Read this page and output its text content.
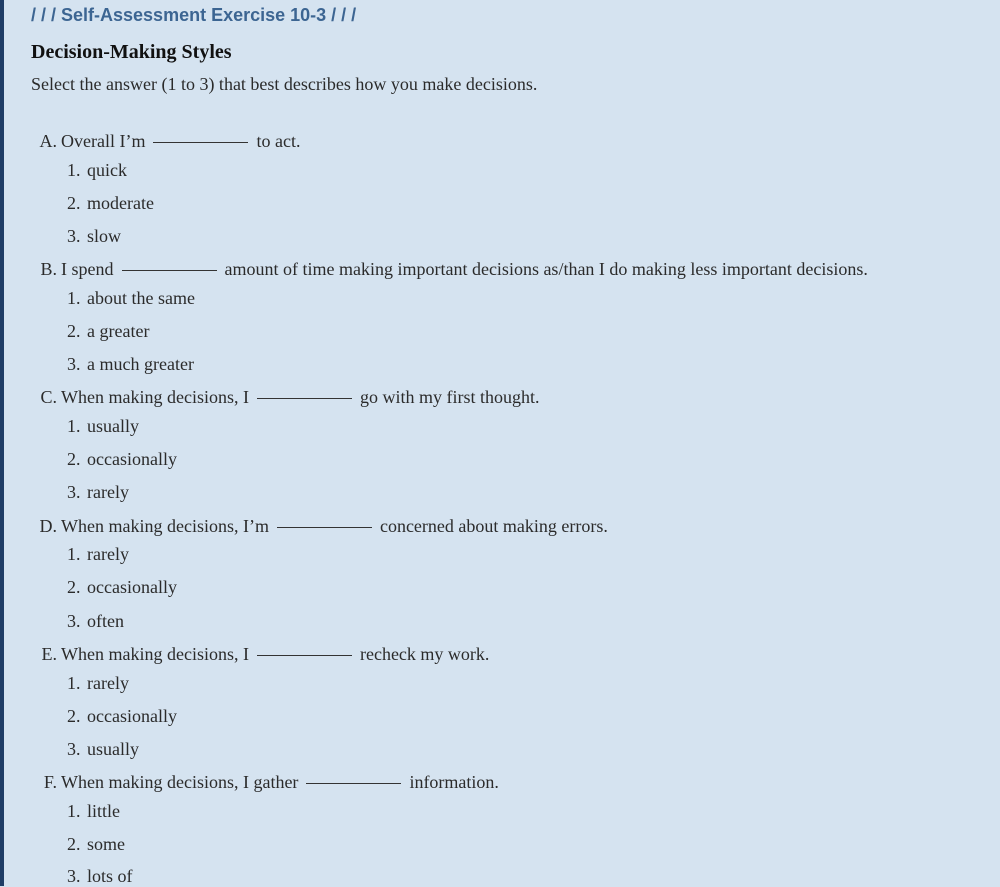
/ / / Self-Assessment Exercise 10-3 / / /
Decision-Making Styles
Select the answer (1 to 3) that best describes how you make decisions.
A. Overall I’m	to act.
1. quick
2. moderate
3. slow
B. I spend	amount of time making important decisions as/than I do making less important decisions.
1. about the same
2. a greater
3. a much greater
C. When making decisions, I	go with my first thought.
1. usually
2. occasionally
3. rarely
D. When making decisions, I’m	concerned about making errors.
1. rarely
2. occasionally
3. often
E. When making decisions, I	recheck my work.
1. rarely
2. occasionally
3. usually
F. When making decisions, I gather	information.
1. little
2. some
3. lots of
